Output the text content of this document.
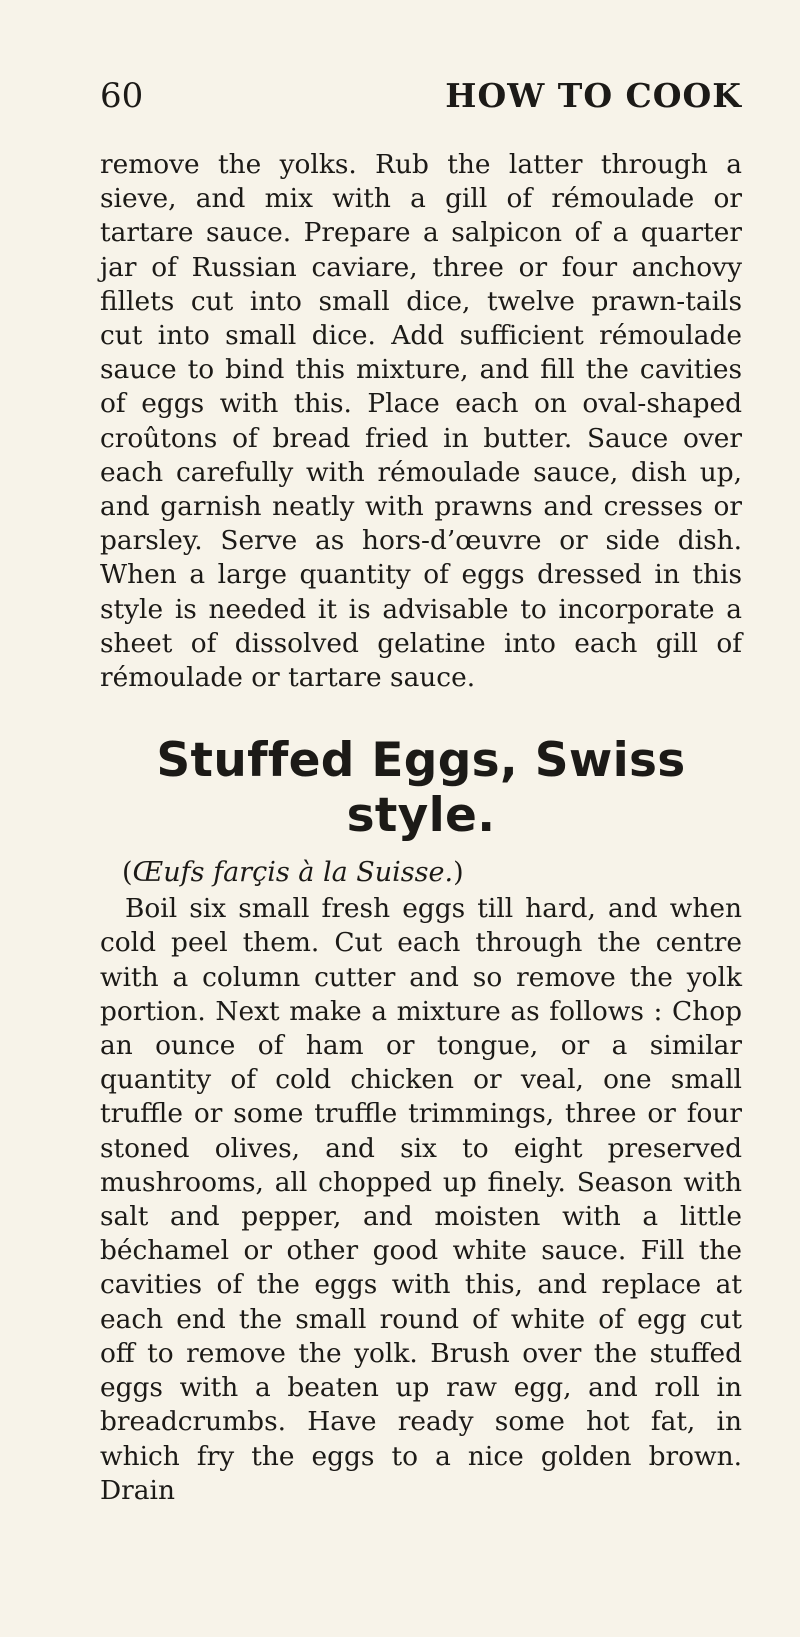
60	HOW TO COOK

remove the yolks. Rub the latter through a sieve, and mix with a gill of rémoulade or tartare sauce. Prepare a salpicon of a quarter jar of Russian caviare, three or four anchovy fillets cut into small dice, twelve prawn-tails cut into small dice. Add sufficient rémoulade sauce to bind this mixture, and fill the cavities of eggs with this. Place each on oval-shaped croûtons of bread fried in butter. Sauce over each carefully with rémoulade sauce, dish up, and garnish neatly with prawns and cresses or parsley. Serve as hors-d’œuvre or side dish. When a large quantity of eggs dressed in this style is needed it is advisable to incorporate a sheet of dissolved gelatine into each gill of rémoulade or tartare sauce.

Stuffed Eggs, Swiss style.
(Œufs farçis à la Suisse.)

Boil six small fresh eggs till hard, and when cold peel them. Cut each through the centre with a column cutter and so remove the yolk portion. Next make a mixture as follows : Chop an ounce of ham or tongue, or a similar quantity of cold chicken or veal, one small truffle or some truffle trimmings, three or four stoned olives, and six to eight preserved mushrooms, all chopped up finely. Season with salt and pepper, and moisten with a little béchamel or other good white sauce. Fill the cavities of the eggs with this, and replace at each end the small round of white of egg cut off to remove the yolk. Brush over the stuffed eggs with a beaten up raw egg, and roll in breadcrumbs. Have ready some hot fat, in which fry the eggs to a nice golden brown. Drain
